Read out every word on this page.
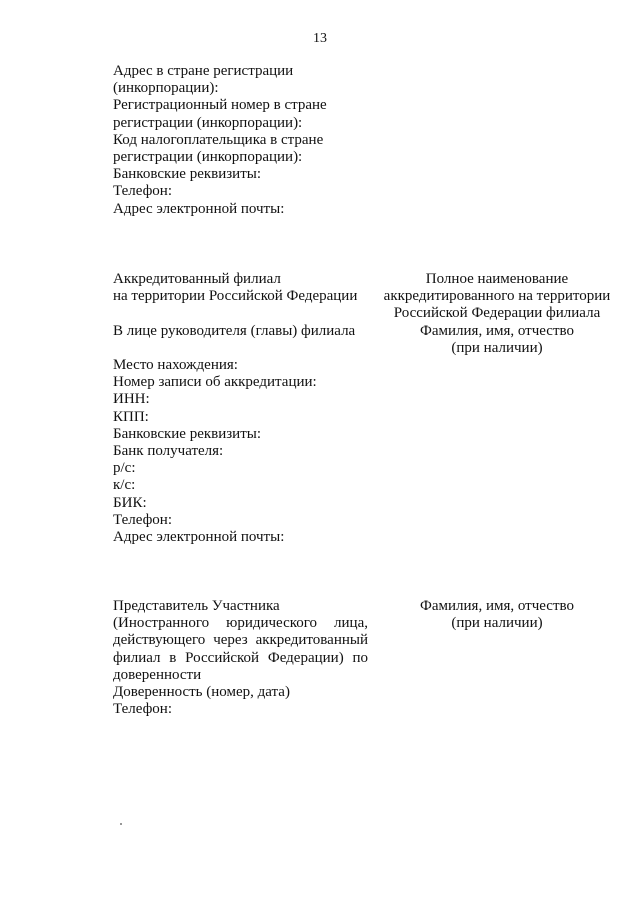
13
Адрес в стране регистрации
(инкорпорации):
Регистрационный номер в стране
регистрации (инкорпорации):
Код налогоплательщика в стране
регистрации (инкорпорации):
Банковские реквизиты:
Телефон:
Адрес электронной почты:
Аккредитованный филиал
на территории Российской Федерации
В лице руководителя (главы) филиала
Полное наименование
аккредитированного на территории
Российской Федерации филиала
Фамилия, имя, отчество
(при наличии)
Место нахождения:
Номер записи об аккредитации:
ИНН:
КПП:
Банковские реквизиты:
Банк получателя:
р/с:
к/с:
БИК:
Телефон:
Адрес электронной почты:
Представитель Участника
(Иностранного юридического лица,
действующего через аккредитованный
филиал в Российской Федерации) по
доверенности
Доверенность (номер, дата)
Телефон:
Фамилия, имя, отчество
(при наличии)
